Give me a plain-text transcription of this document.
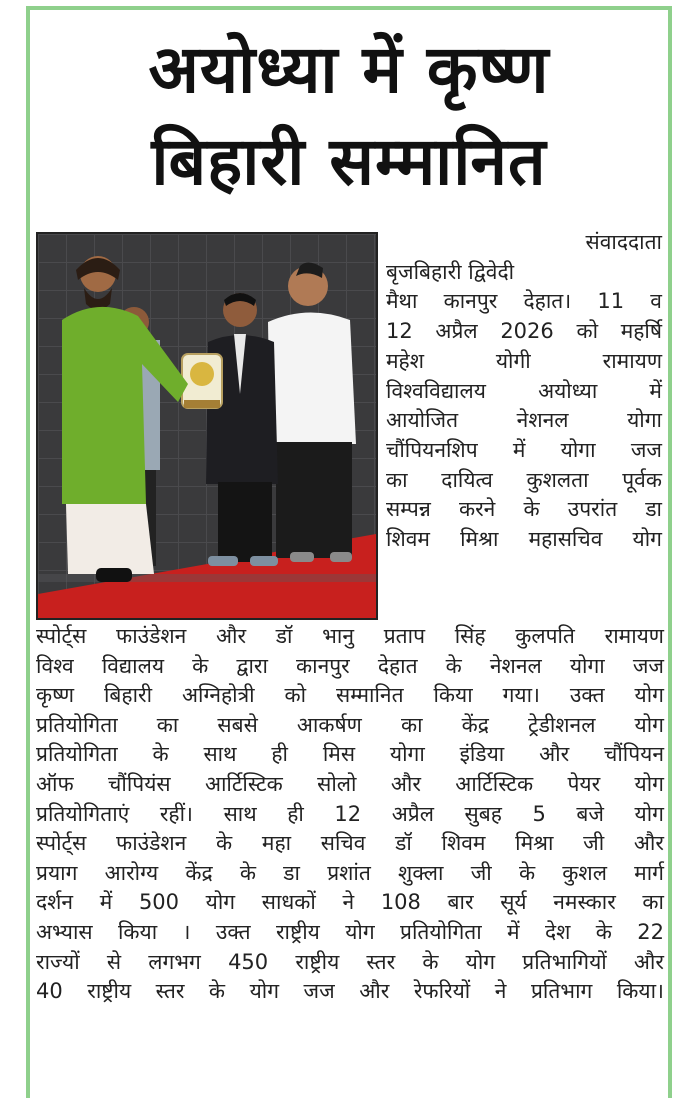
अयोध्या में कृष्ण
बिहारी सम्मानित
संवाददाता
बृजबिहारी द्विवेदी
मैथा कानपुर देहात। 11 व
12 अप्रैल 2026 को महर्षि
महेश योगी रामायण
विश्वविद्यालय अयोध्या में
आयोजित नेशनल योगा
चौंपियनशिप में योगा जज
का दायित्व कुशलता पूर्वक
सम्पन्न करने के उपरांत डा
शिवम मिश्रा महासचिव योग
स्पोर्ट्स फाउंडेशन और डॉ भानु प्रताप सिंह कुलपति रामायण
विश्व विद्यालय के द्वारा कानपुर देहात के नेशनल योगा जज
कृष्ण बिहारी अग्निहोत्री को सम्मानित किया गया। उक्त योग
प्रतियोगिता का सबसे आकर्षण का केंद्र ट्रेडीशनल योग
प्रतियोगिता के साथ ही मिस योगा इंडिया और चौंपियन
ऑफ चौंपियंस आर्टिस्टिक सोलो और आर्टिस्टिक पेयर योग
प्रतियोगिताएं रहीं। साथ ही 12 अप्रैल सुबह 5 बजे योग
स्पोर्ट्स फाउंडेशन के महा सचिव डॉ शिवम मिश्रा जी और
प्रयाग आरोग्य केंद्र के डा प्रशांत शुक्ला जी के कुशल मार्ग
दर्शन में 500 योग साधकों ने 108 बार सूर्य नमस्कार का
अभ्यास किया । उक्त राष्ट्रीय योग प्रतियोगिता में देश के 22
राज्यों से लगभग 450 राष्ट्रीय स्तर के योग प्रतिभागियों और
40 राष्ट्रीय स्तर के योग जज और रेफरियों ने प्रतिभाग किया।
